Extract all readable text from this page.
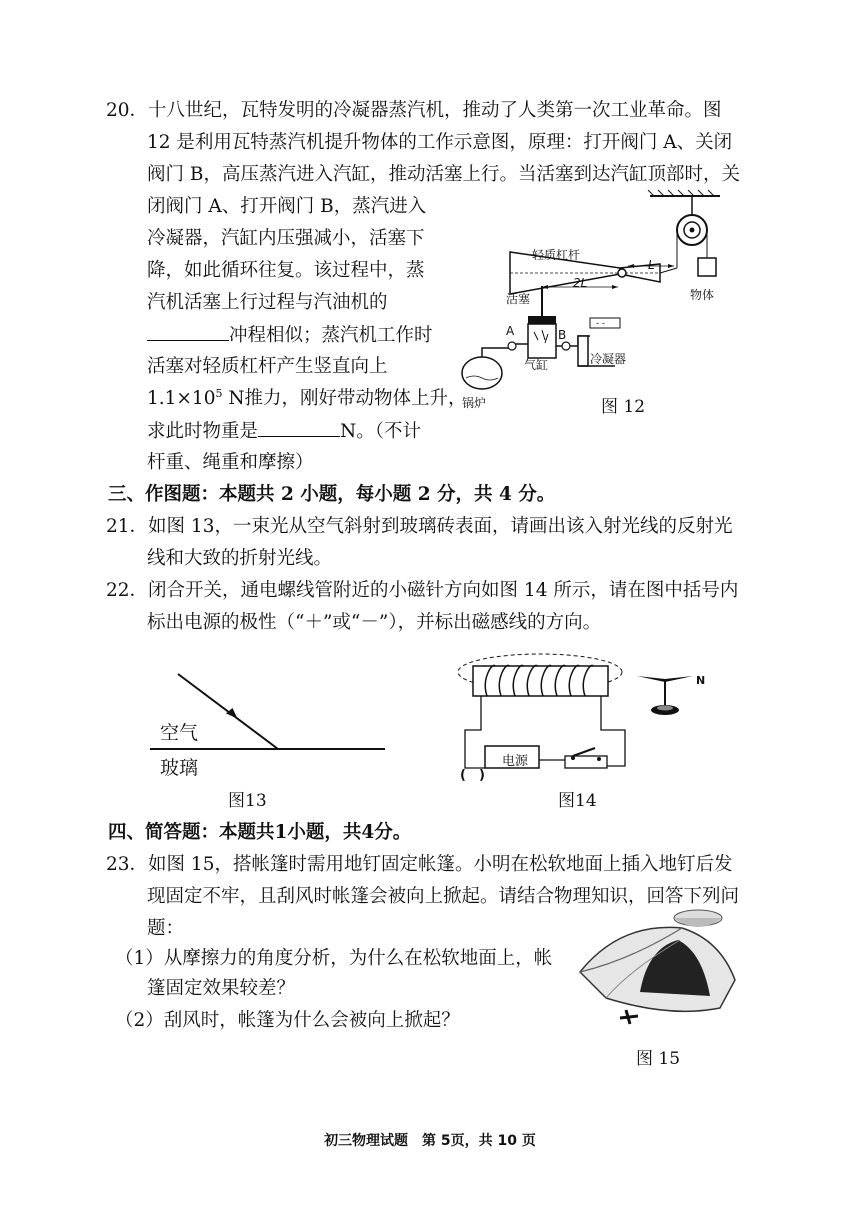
20．十八世纪，瓦特发明的冷凝器蒸汽机，推动了人类第一次工业革命。图
12 是利用瓦特蒸汽机提升物体的工作示意图，原理：打开阀门 A、关闭
阀门 B，高压蒸汽进入汽缸，推动活塞上行。当活塞到达汽缸顶部时，关
闭阀门 A、打开阀门 B，蒸汽进入
冷凝器，汽缸内压强减小，活塞下
降，如此循环往复。该过程中，蒸
汽机活塞上行过程与汽油机的
冲程相似；蒸汽机工作时
活塞对轻质杠杆产生竖直向上
$1.1\times 10^5$ N推力，刚好带动物体上升，
求此时物重是	N。（不计
杆重、绳重和摩擦）
- -
轻质杠杆
活塞
2L
L
物体
A	B
气缸	冷凝器
锅炉	图 12
三、作图题：本题共 2 小题，每小题 2 分，共 4 分。
21．如图 13，一束光从空气斜射到玻璃砖表面，请画出该入射光线的反射光
线和大致的折射光线。
22．闭合开关，通电螺线管附近的小磁针方向如图 14 所示，请在图中括号内
标出电源的极性（“＋”或“－”），并标出磁感线的方向。
空气
玻璃
图13
电源
(　)
N
图14
四、简答题：本题共1小题，共4分。
23．如图 15，搭帐篷时需用地钉固定帐篷。小明在松软地面上插入地钉后发
现固定不牢，且刮风时帐篷会被向上掀起。请结合物理知识，回答下列问
题：
（1）从摩擦力的角度分析，为什么在松软地面上，帐
篷固定效果较差？
（2）刮风时，帐篷为什么会被向上掀起？
图 15
初三物理试题　第 5页，共 10 页
